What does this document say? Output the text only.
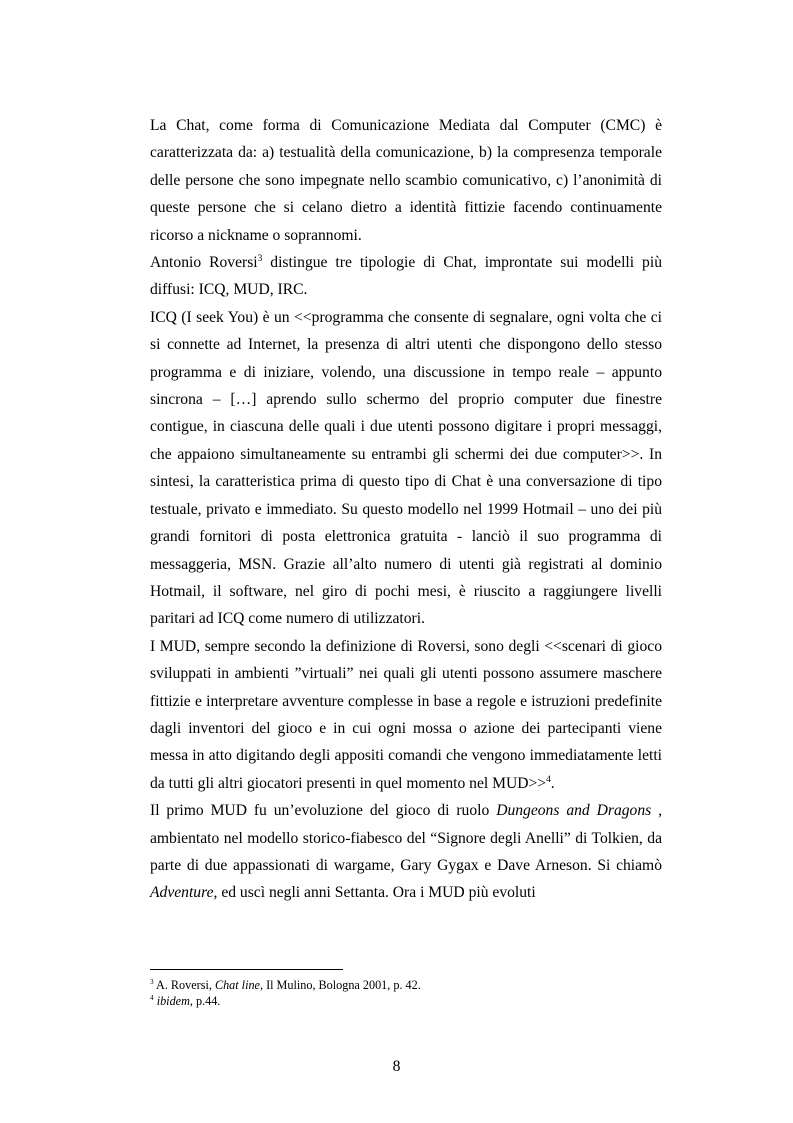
La Chat, come forma di Comunicazione Mediata dal Computer (CMC) è caratterizzata da: a) testualità della comunicazione, b) la compresenza temporale delle persone che sono impegnate nello scambio comunicativo, c) l’anonimità di queste persone che si celano dietro a identità fittizie facendo continuamente ricorso a nickname o soprannomi.

Antonio Roversi$^3$ distingue tre tipologie di Chat, improntate sui modelli più diffusi: ICQ, MUD, IRC.

ICQ (I seek You) è un <<programma che consente di segnalare, ogni volta che ci si connette ad Internet, la presenza di altri utenti che dispongono dello stesso programma e di iniziare, volendo, una discussione in tempo reale – appunto sincrona – […] aprendo sullo schermo del proprio computer due finestre contigue, in ciascuna delle quali i due utenti possono digitare i propri messaggi, che appaiono simultaneamente su entrambi gli schermi dei due computer>>. In sintesi, la caratteristica prima di questo tipo di Chat è una conversazione di tipo testuale, privato e immediato. Su questo modello nel 1999 Hotmail – uno dei più grandi fornitori di posta elettronica gratuita - lanciò il suo programma di messaggeria, MSN. Grazie all’alto numero di utenti già registrati al dominio Hotmail, il software, nel giro di pochi mesi, è riuscito a raggiungere livelli paritari ad ICQ come numero di utilizzatori.

I MUD, sempre secondo la definizione di Roversi, sono degli <<scenari di gioco sviluppati in ambienti ”virtuali” nei quali gli utenti possono assumere maschere fittizie e interpretare avventure complesse in base a regole e istruzioni predefinite dagli inventori del gioco e in cui ogni mossa o azione dei partecipanti viene messa in atto digitando degli appositi comandi che vengono immediatamente letti da tutti gli altri giocatori presenti in quel momento nel MUD>>$^4$.

Il primo MUD fu un’evoluzione del gioco di ruolo Dungeons and Dragons , ambientato nel modello storico-fiabesco del “Signore degli Anelli” di Tolkien, da parte di due appassionati di wargame, Gary Gygax e Dave Arneson. Si chiamò Adventure, ed uscì negli anni Settanta. Ora i MUD più evoluti

$^3$ A. Roversi, Chat line, Il Mulino, Bologna 2001, p. 42.

$^4$ ibidem, p.44.

8
